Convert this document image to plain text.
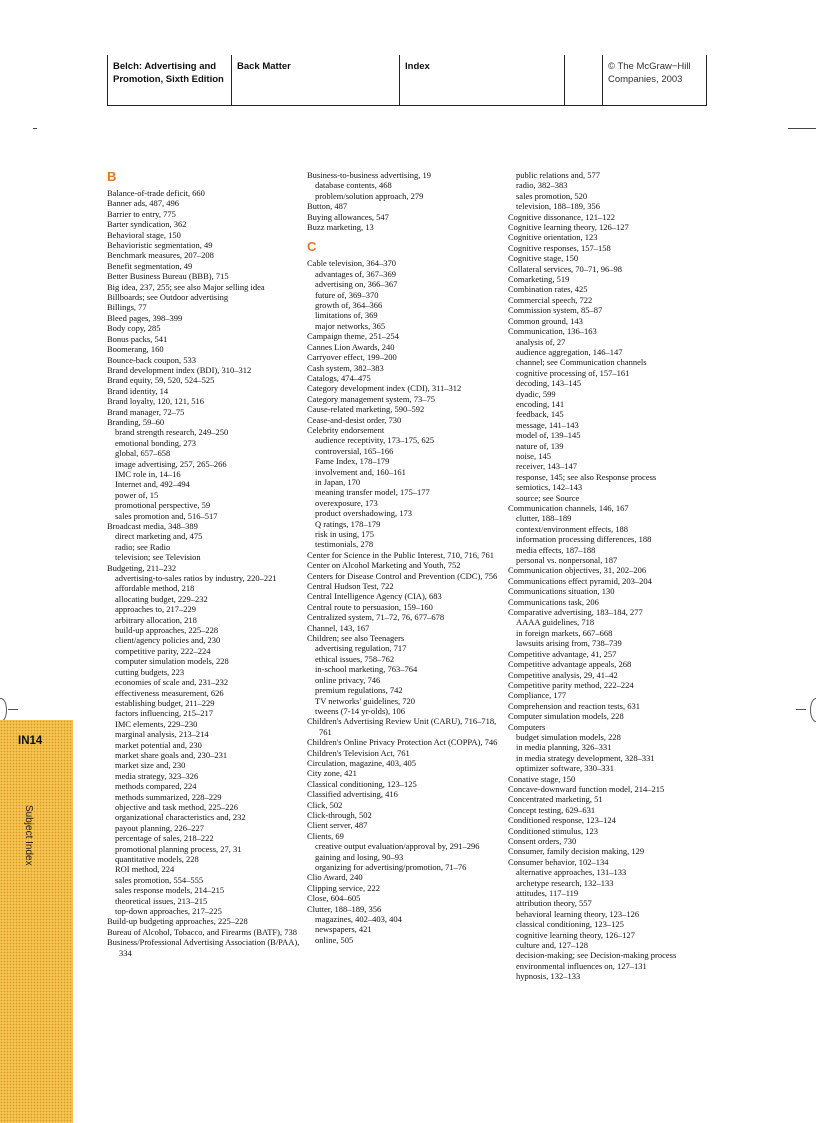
Belch: Advertising and Promotion, Sixth Edition
Back Matter	Index	© The McGraw−Hill Companies, 2003
IN14
Subject Index
B
Balance-of-trade deficit, 660
Banner ads, 487, 496
Barrier to entry, 775
Barter syndication, 362
Behavioral stage, 150
Behavioristic segmentation, 49
Benchmark measures, 207–208
Benefit segmentation, 49
Better Business Bureau (BBB), 715
Big idea, 237, 255; see also Major selling idea
Billboards; see Outdoor advertising
Billings, 77
Bleed pages, 398–399
Body copy, 285
Bonus packs, 541
Boomerang, 160
Bounce-back coupon, 533
Brand development index (BDI), 310–312
Brand equity, 59, 520, 524–525
Brand identity, 14
Brand loyalty, 120, 121, 516
Brand manager, 72–75
Branding, 59–60
brand strength research, 249–250
emotional bonding, 273
global, 657–658
image advertising, 257, 265–266
IMC role in, 14–16
Internet and, 492–494
power of, 15
promotional perspective, 59
sales promotion and, 516–517
Broadcast media, 348–389
direct marketing and, 475
radio; see Radio
television; see Television
Budgeting, 211–232
advertising-to-sales ratios by industry, 220–221
affordable method, 218
allocating budget, 229–232
approaches to, 217–229
arbitrary allocation, 218
build-up approaches, 225–228
client/agency policies and, 230
competitive parity, 222–224
computer simulation models, 228
cutting budgets, 223
economies of scale and, 231–232
effectiveness measurement, 626
establishing budget, 211–229
factors influencing, 215–217
IMC elements, 229–230
marginal analysis, 213–214
market potential and, 230
market share goals and, 230–231
market size and, 230
media strategy, 323–326
methods compared, 224
methods summarized, 228–229
objective and task method, 225–226
organizational characteristics and, 232
payout planning, 226–227
percentage of sales, 218–222
promotional planning process, 27, 31
quantitative models, 228
ROI method, 224
sales promotion, 554–555
sales response models, 214–215
theoretical issues, 213–215
top-down approaches, 217–225
Build-up budgeting approaches, 225–228
Bureau of Alcohol, Tobacco, and Firearms (BATF), 738
Business/Professional Advertising Association (B/PAA), 334
Business-to-business advertising, 19
database contents, 468
problem/solution approach, 279
Button, 487
Buying allowances, 547
Buzz marketing, 13
C
Cable television, 364–370
advantages of, 367–369
advertising on, 366–367
future of, 369–370
growth of, 364–366
limitations of, 369
major networks, 365
Campaign theme, 251–254
Cannes Lion Awards, 240
Carryover effect, 199–200
Cash system, 382–383
Catalogs, 474–475
Category development index (CDI), 311–312
Category management system, 73–75
Cause-related marketing, 590–592
Cease-and-desist order, 730
Celebrity endorsement
audience receptivity, 173–175, 625
controversial, 165–166
Fame Index, 178–179
involvement and, 160–161
in Japan, 170
meaning transfer model, 175–177
overexposure, 173
product overshadowing, 173
Q ratings, 178–179
risk in using, 175
testimonials, 278
Center for Science in the Public Interest, 710, 716, 761
Center on Alcohol Marketing and Youth, 752
Centers for Disease Control and Prevention (CDC), 756
Central Hudson Test, 722
Central Intelligence Agency (CIA), 683
Central route to persuasion, 159–160
Centralized system, 71–72, 76, 677–678
Channel, 143, 167
Children; see also Teenagers
advertising regulation, 717
ethical issues, 758–762
in-school marketing, 763–764
online privacy, 746
premium regulations, 742
TV networks' guidelines, 720
tweens (7-14 yr-olds), 106
Children's Advertising Review Unit (CARU), 716–718, 761
Children's Online Privacy Protection Act (COPPA), 746
Children's Television Act, 761
Circulation, magazine, 403, 405
City zone, 421
Classical conditioning, 123–125
Classified advertising, 416
Click, 502
Click-through, 502
Client server, 487
Clients, 69
creative output evaluation/approval by, 291–296
gaining and losing, 90–93
organizing for advertising/promotion, 71–76
Clio Award, 240
Clipping service, 222
Close, 604–605
Clutter, 188–189, 356
magazines, 402–403, 404
newspapers, 421
online, 505
public relations and, 577
radio, 382–383
sales promotion, 520
television, 188–189, 356
Cognitive dissonance, 121–122
Cognitive learning theory, 126–127
Cognitive orientation, 123
Cognitive responses, 157–158
Cognitive stage, 150
Collateral services, 70–71, 96–98
Comarketing, 519
Combination rates, 425
Commercial speech, 722
Commission system, 85–87
Common ground, 143
Communication, 136–163
analysis of, 27
audience aggregation, 146–147
channel; see Communication channels
cognitive processing of, 157–161
decoding, 143–145
dyadic, 599
encoding, 141
feedback, 145
message, 141–143
model of, 139–145
nature of, 139
noise, 145
receiver, 143–147
response, 145; see also Response process
semiotics, 142–143
source; see Source
Communication channels, 146, 167
clutter, 188–189
context/environment effects, 188
information processing differences, 188
media effects, 187–188
personal vs. nonpersonal, 187
Communication objectives, 31, 202–206
Communications effect pyramid, 203–204
Communications situation, 130
Communications task, 206
Comparative advertising, 183–184, 277
AAAA guidelines, 718
in foreign markets, 667–668
lawsuits arising from, 738–739
Competitive advantage, 41, 257
Competitive advantage appeals, 268
Competitive analysis, 29, 41–42
Competitive parity method, 222–224
Compliance, 177
Comprehension and reaction tests, 631
Computer simulation models, 228
Computers
budget simulation models, 228
in media planning, 326–331
in media strategy development, 328–331
optimizer software, 330–331
Conative stage, 150
Concave-downward function model, 214–215
Concentrated marketing, 51
Concept testing, 629–631
Conditioned response, 123–124
Conditioned stimulus, 123
Consent orders, 730
Consumer, family decision making, 129
Consumer behavior, 102–134
alternative approaches, 131–133
archetype research, 132–133
attitudes, 117–119
attribution theory, 557
behavioral learning theory, 123–126
classical conditioning, 123–125
cognitive learning theory, 126–127
culture and, 127–128
decision-making; see Decision-making process
environmental influences on, 127–131
hypnosis, 132–133
